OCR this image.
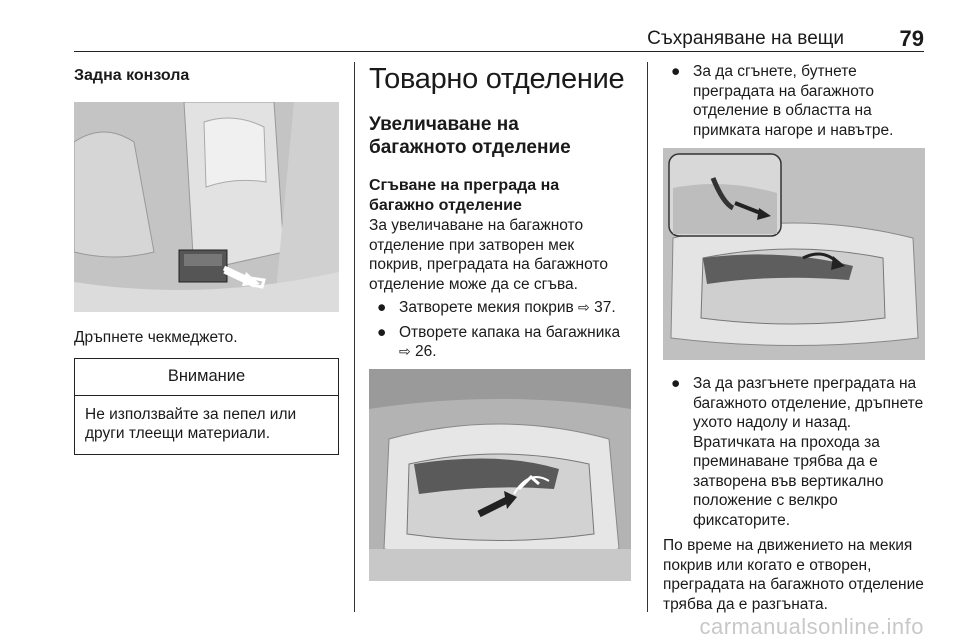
Съхраняване на вещи	79
Задна конзола

Дръпнете чекмеджето.

Внимание

Не използвайте за пепел или други тлеещи материали.

Товарно отделение
Увеличаване на багажното отделение
Сгъване на преграда на багажно отделение

За увеличаване на багажното отделение при затворен мек покрив, преградата на багажното отделение може да се сгъва.

● Затворете мекия покрив ⇨ 37.
● Отворете капака на багажника
⇨ 26.
● За да сгънете, бутнете преградата на багажното отделение в областта на примката нагоре и навътре.
● За да разгънете преградата на багажното отделение, дръпнете ухото надолу и назад. Вратичката на прохода за преминаване трябва да е затворена във вертикално положение с велкро фиксаторите.

По време на движението на мекия покрив или когато е отворен, преградата на багажното отделение трябва да е разгъната.

carmanualsonline.info
